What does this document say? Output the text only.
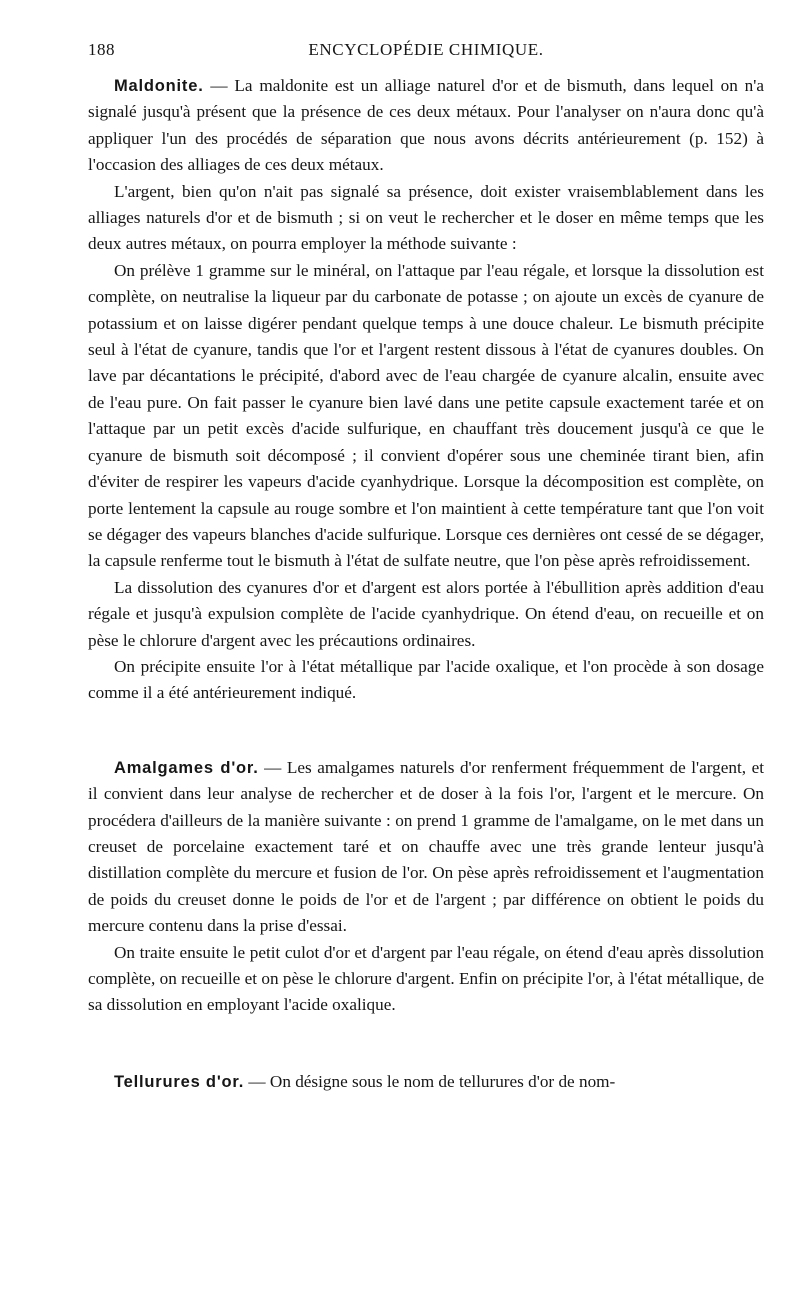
188	ENCYCLOPÉDIE CHIMIQUE.

Maldonite. — La maldonite est un alliage naturel d'or et de bismuth, dans lequel on n'a signalé jusqu'à présent que la présence de ces deux métaux. Pour l'analyser on n'aura donc qu'à appliquer l'un des procédés de séparation que nous avons décrits antérieurement (p. 152) à l'occasion des alliages de ces deux métaux.

L'argent, bien qu'on n'ait pas signalé sa présence, doit exister vraisemblablement dans les alliages naturels d'or et de bismuth ; si on veut le rechercher et le doser en même temps que les deux autres métaux, on pourra employer la méthode suivante :

On prélève 1 gramme sur le minéral, on l'attaque par l'eau régale, et lorsque la dissolution est complète, on neutralise la liqueur par du carbonate de potasse ; on ajoute un excès de cyanure de potassium et on laisse digérer pendant quelque temps à une douce chaleur. Le bismuth précipite seul à l'état de cyanure, tandis que l'or et l'argent restent dissous à l'état de cyanures doubles. On lave par décantations le précipité, d'abord avec de l'eau chargée de cyanure alcalin, ensuite avec de l'eau pure. On fait passer le cyanure bien lavé dans une petite capsule exactement tarée et on l'attaque par un petit excès d'acide sulfurique, en chauffant très doucement jusqu'à ce que le cyanure de bismuth soit décomposé ; il convient d'opérer sous une cheminée tirant bien, afin d'éviter de respirer les vapeurs d'acide cyanhydrique. Lorsque la décomposition est complète, on porte lentement la capsule au rouge sombre et l'on maintient à cette température tant que l'on voit se dégager des vapeurs blanches d'acide sulfurique. Lorsque ces dernières ont cessé de se dégager, la capsule renferme tout le bismuth à l'état de sulfate neutre, que l'on pèse après refroidissement.

La dissolution des cyanures d'or et d'argent est alors portée à l'ébullition après addition d'eau régale et jusqu'à expulsion complète de l'acide cyanhydrique. On étend d'eau, on recueille et on pèse le chlorure d'argent avec les précautions ordinaires.

On précipite ensuite l'or à l'état métallique par l'acide oxalique, et l'on procède à son dosage comme il a été antérieurement indiqué.

Amalgames d'or. — Les amalgames naturels d'or renferment fréquemment de l'argent, et il convient dans leur analyse de rechercher et de doser à la fois l'or, l'argent et le mercure. On procédera d'ailleurs de la manière suivante : on prend 1 gramme de l'amalgame, on le met dans un creuset de porcelaine exactement taré et on chauffe avec une très grande lenteur jusqu'à distillation complète du mercure et fusion de l'or. On pèse après refroidissement et l'augmentation de poids du creuset donne le poids de l'or et de l'argent ; par différence on obtient le poids du mercure contenu dans la prise d'essai.

On traite ensuite le petit culot d'or et d'argent par l'eau régale, on étend d'eau après dissolution complète, on recueille et on pèse le chlorure d'argent. Enfin on précipite l'or, à l'état métallique, de sa dissolution en employant l'acide oxalique.

Tellurures d'or. — On désigne sous le nom de tellurures d'or de nom-
